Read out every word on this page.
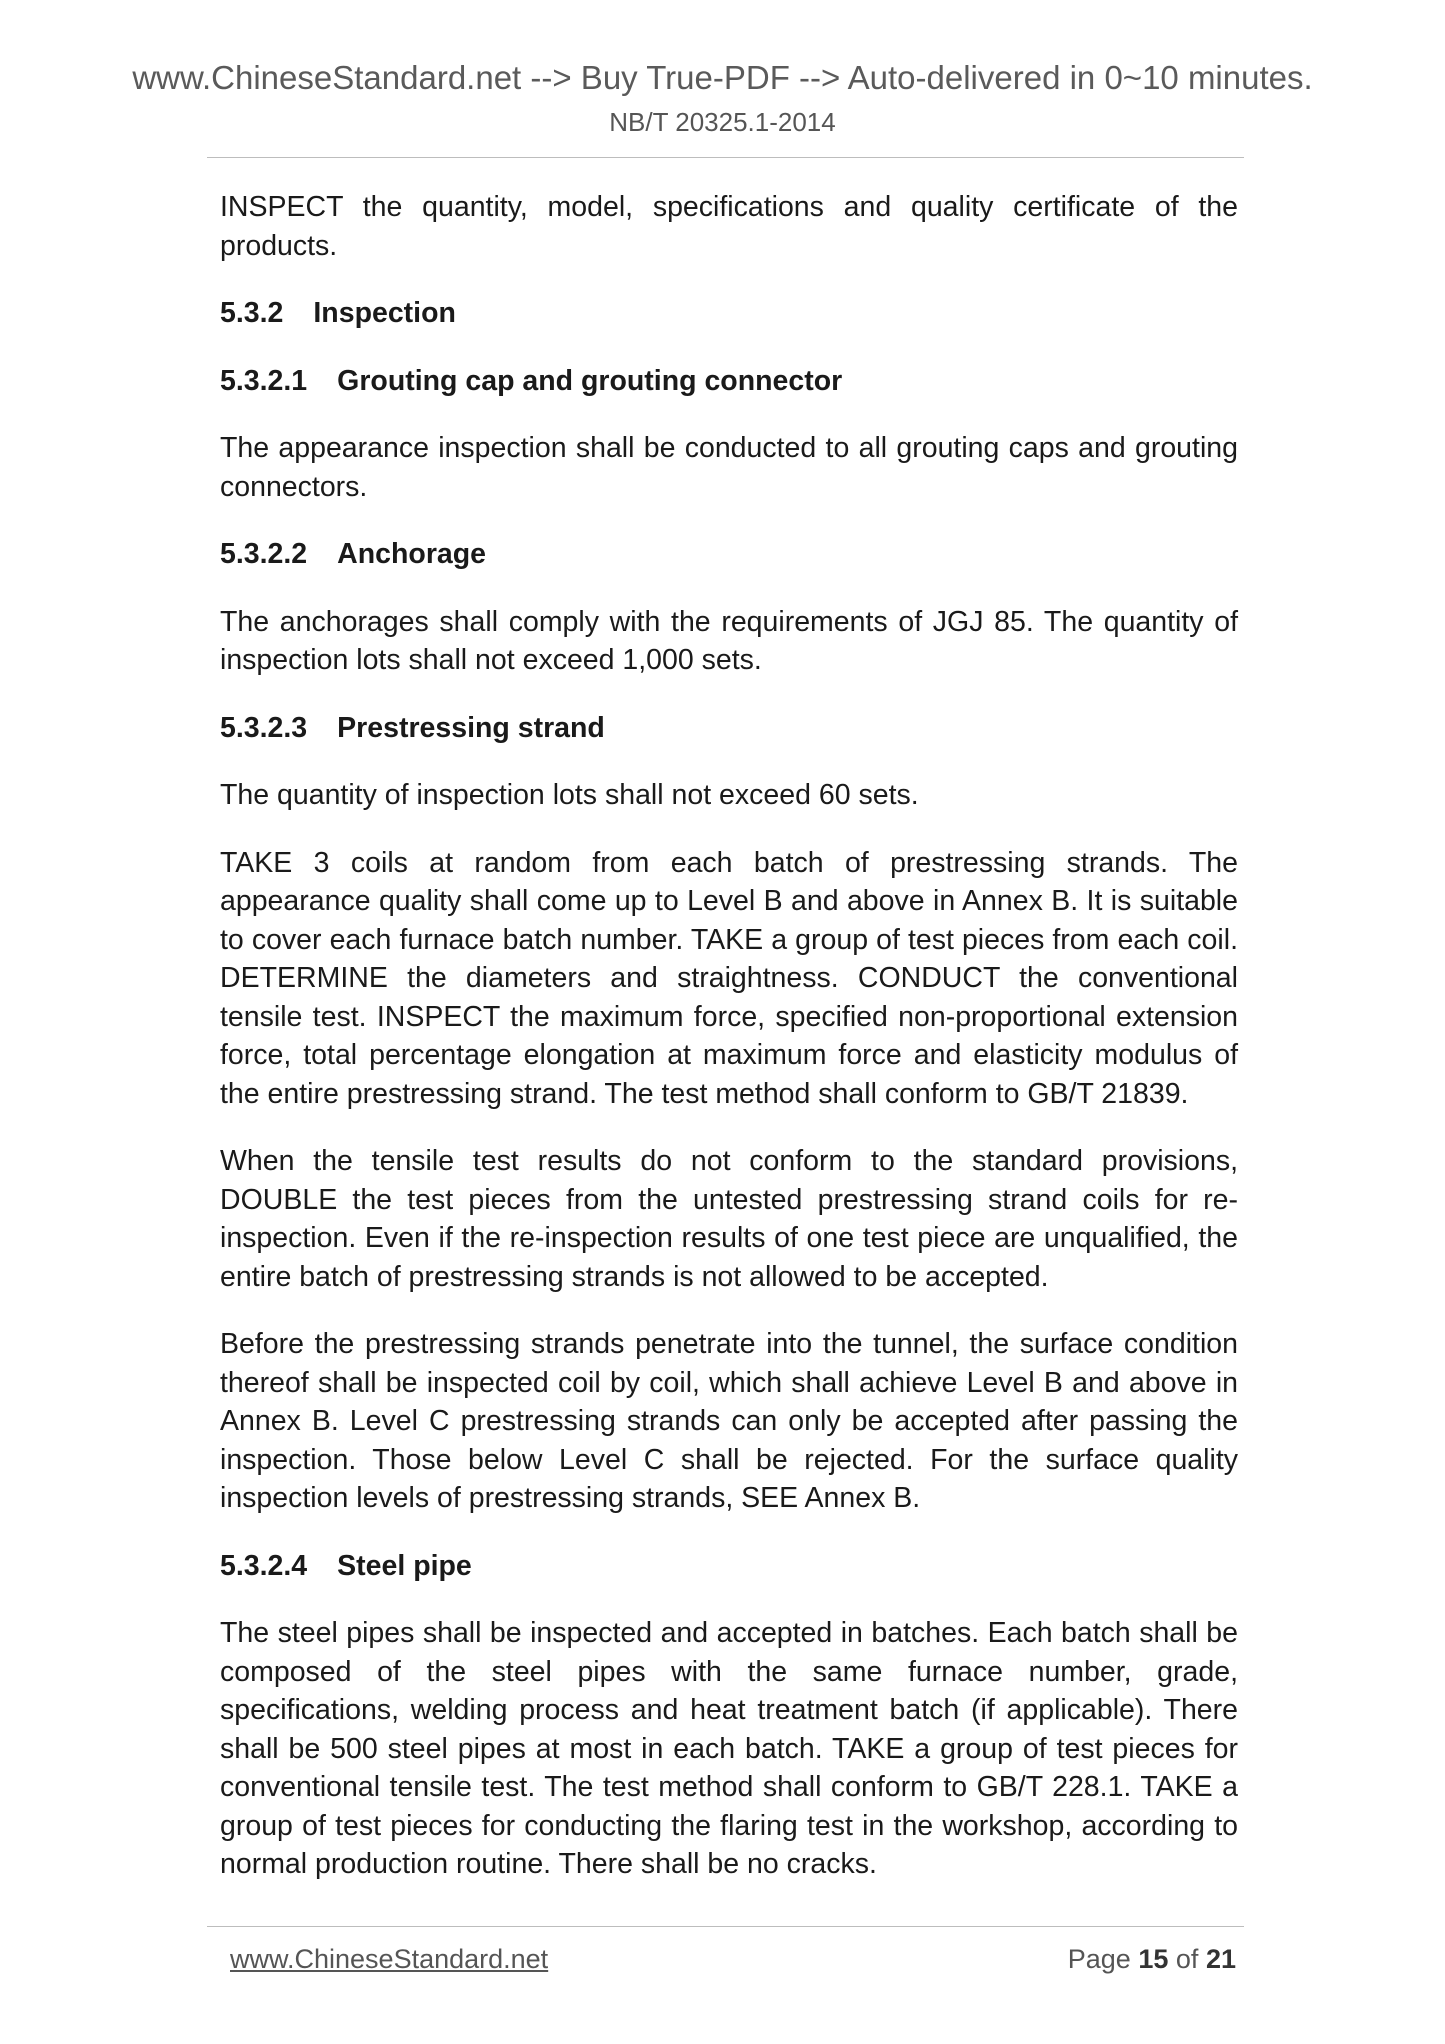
www.ChineseStandard.net --> Buy True-PDF --> Auto-delivered in 0~10 minutes.
NB/T 20325.1-2014

INSPECT the quantity, model, specifications and quality certificate of the products.

5.3.2 Inspection
5.3.2.1 Grouting cap and grouting connector

The appearance inspection shall be conducted to all grouting caps and grouting connectors.

5.3.2.2 Anchorage

The anchorages shall comply with the requirements of JGJ 85. The quantity of inspection lots shall not exceed 1,000 sets.

5.3.2.3 Prestressing strand

The quantity of inspection lots shall not exceed 60 sets.

TAKE 3 coils at random from each batch of prestressing strands. The appearance quality shall come up to Level B and above in Annex B. It is suitable to cover each furnace batch number. TAKE a group of test pieces from each coil. DETERMINE the diameters and straightness. CONDUCT the conventional tensile test. INSPECT the maximum force, specified non-proportional extension force, total percentage elongation at maximum force and elasticity modulus of the entire prestressing strand. The test method shall conform to GB/T 21839.

When the tensile test results do not conform to the standard provisions, DOUBLE the test pieces from the untested prestressing strand coils for re-inspection. Even if the re-inspection results of one test piece are unqualified, the entire batch of prestressing strands is not allowed to be accepted.

Before the prestressing strands penetrate into the tunnel, the surface condition thereof shall be inspected coil by coil, which shall achieve Level B and above in Annex B. Level C prestressing strands can only be accepted after passing the inspection. Those below Level C shall be rejected. For the surface quality inspection levels of prestressing strands, SEE Annex B.

5.3.2.4 Steel pipe

The steel pipes shall be inspected and accepted in batches. Each batch shall be composed of the steel pipes with the same furnace number, grade, specifications, welding process and heat treatment batch (if applicable). There shall be 500 steel pipes at most in each batch. TAKE a group of test pieces for conventional tensile test. The test method shall conform to GB/T 228.1. TAKE a group of test pieces for conducting the flaring test in the workshop, according to normal production routine. There shall be no cracks.

www.ChineseStandard.net	Page 15 of 21
